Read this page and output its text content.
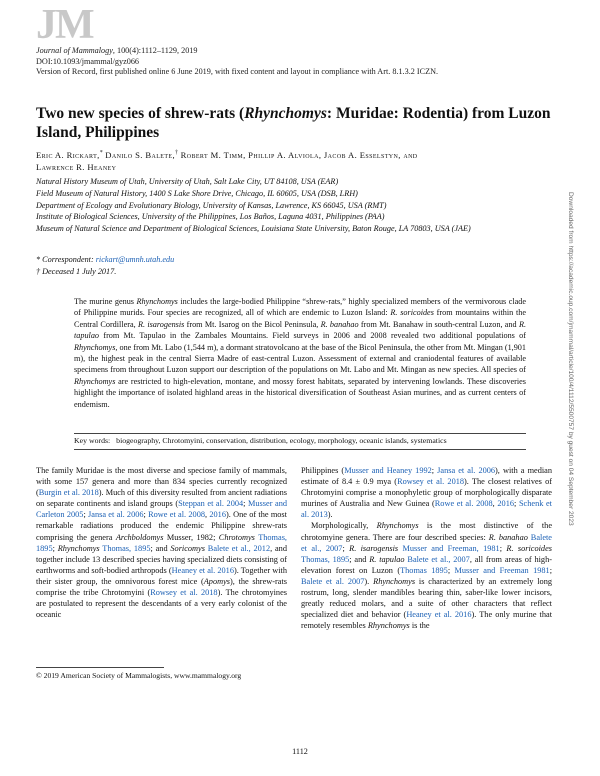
JM
Journal of Mammalogy, 100(4):1112–1129, 2019
DOI:10.1093/jmammal/gyz066
Version of Record, first published online 6 June 2019, with fixed content and layout in compliance with Art. 8.1.3.2 ICZN.
Two new species of shrew-rats (Rhynchomys: Muridae: Rodentia) from Luzon Island, Philippines
Eric A. Rickart,* Danilo S. Balete,† Robert M. Timm, Phillip A. Alviola, Jacob A. Esselstyn, and
Lawrence R. Heaney
Natural History Museum of Utah, University of Utah, Salt Lake City, UT 84108, USA (EAR)
Field Museum of Natural History, 1400 S Lake Shore Drive, Chicago, IL 60605, USA (DSB, LRH)
Department of Ecology and Evolutionary Biology, University of Kansas, Lawrence, KS 66045, USA (RMT)
Institute of Biological Sciences, University of the Philippines, Los Baños, Laguna 4031, Philippines (PAA)
Museum of Natural Science and Department of Biological Sciences, Louisiana State University, Baton Rouge, LA 70803, USA (JAE)
* Correspondent: rickart@umnh.utah.edu
† Deceased 1 July 2017.
The murine genus Rhynchomys includes the large-bodied Philippine “shrew-rats,” highly specialized members of the vermivorous clade of Philippine murids. Four species are recognized, all of which are endemic to Luzon Island: R. soricoides from mountains within the Central Cordillera, R. isarogensis from Mt. Isarog on the Bicol Peninsula, R. banahao from Mt. Banahaw in south-central Luzon, and R. tapulao from Mt. Tapulao in the Zambales Mountains. Field surveys in 2006 and 2008 revealed two additional populations of Rhynchomys, one from Mt. Labo (1,544 m), a dormant stratovolcano at the base of the Bicol Peninsula, the other from Mt. Mingan (1,901 m), the highest peak in the central Sierra Madre of east-central Luzon. Assessment of external and craniodental features of available specimens from throughout Luzon support our description of the populations on Mt. Labo and Mt. Mingan as new species. All species of Rhynchomys are restricted to high-elevation, montane, and mossy forest habitats, separated by intervening lowlands. These discoveries highlight the importance of isolated highland areas in the historical diversification of Southeast Asian murines, and as current centers of endemism.
Key words: biogeography, Chrotomyini, conservation, distribution, ecology, morphology, oceanic islands, systematics

The family Muridae is the most diverse and speciose family of mammals, with some 157 genera and more than 834 species currently recognized (Burgin et al. 2018). Much of this diversity resulted from ancient radiations on separate continents and island groups (Steppan et al. 2004; Musser and Carleton 2005; Jansa et al. 2006; Rowe et al. 2008, 2016). One of the most remarkable radiations produced the endemic Philippine shrew-rats comprising the genera Archboldomys Musser, 1982; Chrotomys Thomas, 1895; Rhynchomys Thomas, 1895; and Soricomys Balete et al., 2012, and together include 13 described species having specialized diets consisting of earthworms and soft-bodied arthropods (Heaney et al. 2016). Together with their sister group, the omnivorous forest mice (Apomys), the shrew-rats comprise the tribe Chrotomyini (Rowsey et al. 2018). The chrotomyines are postulated to represent the descendants of a very early colonist of the oceanic

Philippines (Musser and Heaney 1992; Jansa et al. 2006), with a median estimate of 8.4 ± 0.9 mya (Rowsey et al. 2018). The closest relatives of Chrotomyini comprise a monophyletic group of morphologically disparate murines of Australia and New Guinea (Rowe et al. 2008, 2016; Schenk et al. 2013).

Morphologically, Rhynchomys is the most distinctive of the chrotomyine genera. There are four described species: R. banahao Balete et al., 2007; R. isarogensis Musser and Freeman, 1981; R. soricoides Thomas, 1895; and R. tapulao Balete et al., 2007, all from areas of high-elevation forest on Luzon (Thomas 1895; Musser and Freeman 1981; Balete et al. 2007). Rhynchomys is characterized by an extremely long rostrum, long, slender mandibles bearing thin, saber-like lower incisors, greatly reduced molars, and a suite of other characters that reflect specialized diet and behavior (Heaney et al. 2016). The only murine that remotely resembles Rhynchomys is the

© 2019 American Society of Mammalogists, www.mammalogy.org
1112
Downloaded from https://academic.oup.com/jmammal/article/100/4/1112/5500757 by guest on 04 September 2023
